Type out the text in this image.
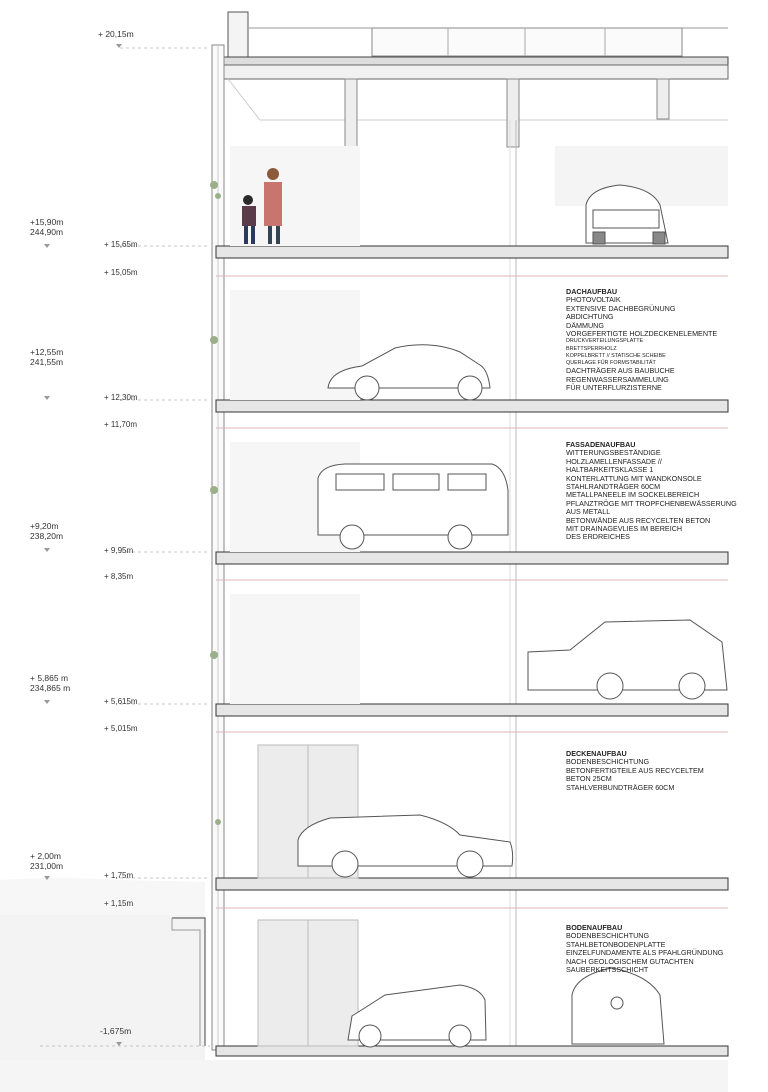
+ 20,15m
+15,90m
244,90m
+12,55m
241,55m
+9,20m
238,20m
+ 5,865 m
234,865 m
+ 2,00m
231,00m
-1,675m
+ 15,65m
+ 15,05m
+ 12,30m
+ 11,70m
+ 9,95m
+ 8,35m
+ 5,615m
+ 5,015m
+ 1,75m
+ 1,15m
DACHAUFBAU
PHOTOVOLTAIK
EXTENSIVE DACHBEGRÜNUNG
ABDICHTUNG
DÄMMUNG
VORGEFERTIGTE HOLZDECKENELEMENTE
DRUCKVERTEILUNGSPLATTE
BRETTSPERRHOLZ
KOPPELBRETT // STATISCHE SCHEIBE
QUERLAGE FÜR FORMSTABILITÄT
DACHTRÄGER AUS BAUBUCHE
REGENWASSERSAMMELUNG
FÜR UNTERFLURZISTERNE
FASSADENAUFBAU
WITTERUNGSBESTÄNDIGE
HOLZLAMELLENFASSADE //
HALTBARKEITSKLASSE 1
KONTERLATTUNG MIT WANDKONSOLE
STAHLRANDTRÄGER 60CM
METALLPANEELE IM SOCKELBEREICH
PFLANZTRÖGE MIT TROPFCHENBEWÄSSERUNG
AUS METALL
BETONWÄNDE AUS RECYCELTEN BETON
MIT DRAINAGEVLIES IM BEREICH
DES ERDREICHES
DECKENAUFBAU
BODENBESCHICHTUNG
BETONFERTIGTEILE AUS RECYCELTEM
BETON 25CM
STAHLVERBUNDTRÄGER 60CM
BODENAUFBAU
BODENBESCHICHTUNG
STAHLBETONBODENPLATTE
EINZELFUNDAMENTE ALS PFAHLGRÜNDUNG
NACH GEOLOGISCHEM GUTACHTEN
SAUBERKEITSSCHICHT
